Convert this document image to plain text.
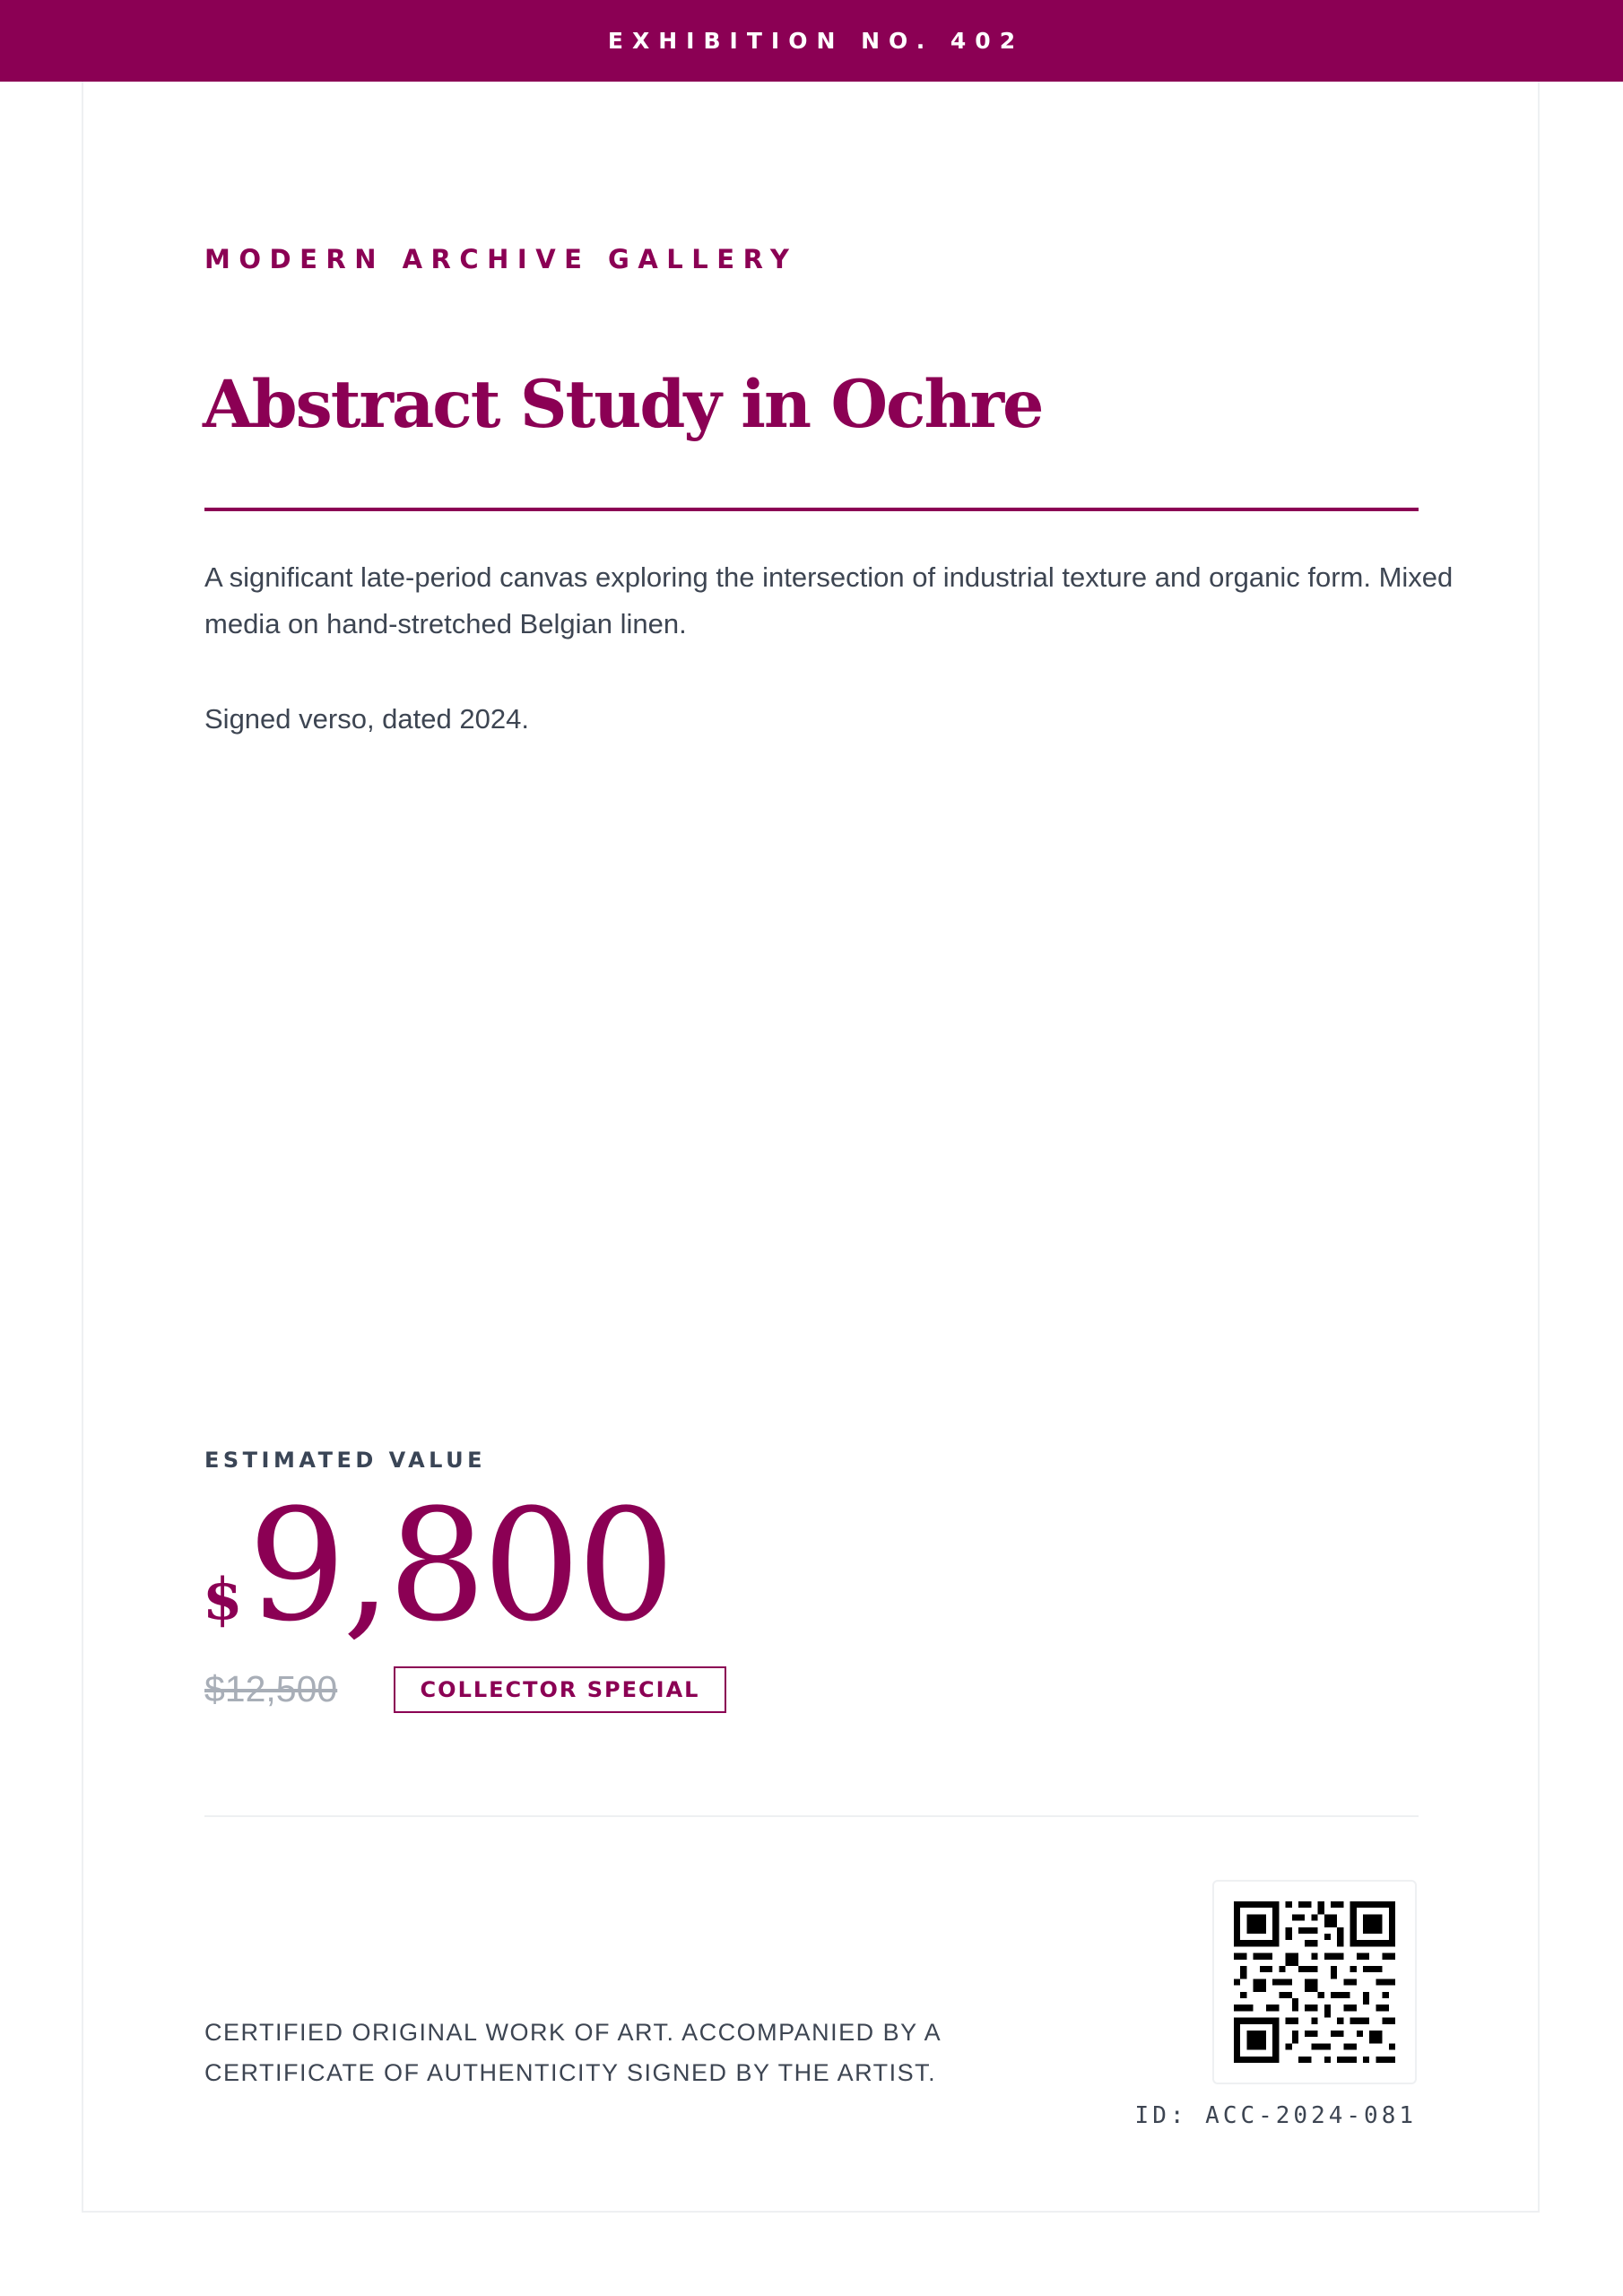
EXHIBITION NO. 402
MODERN ARCHIVE GALLERY
Abstract Study in Ochre

A significant late-period canvas exploring the intersection of industrial texture and organic form. Mixed media on hand-stretched Belgian linen.

Signed verso, dated 2024.

ESTIMATED VALUE
$ 9,800
$12,500	COLLECTOR SPECIAL

CERTIFIED ORIGINAL WORK OF ART. ACCOMPANIED BY A CERTIFICATE OF AUTHENTICITY SIGNED BY THE ARTIST.

ID: ACC-2024-081
